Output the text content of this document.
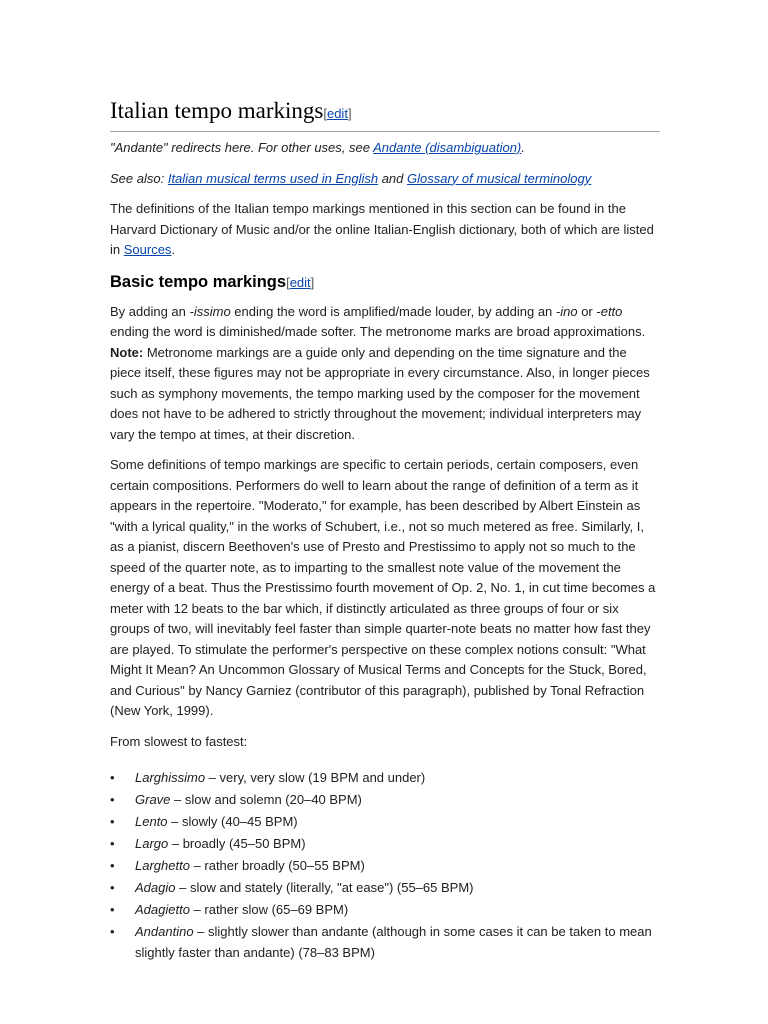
Italian tempo markings[edit]
"Andante" redirects here. For other uses, see Andante (disambiguation).
See also: Italian musical terms used in English and Glossary of musical terminology

The definitions of the Italian tempo markings mentioned in this section can be found in the Harvard Dictionary of Music and/or the online Italian-English dictionary, both of which are listed in Sources.

Basic tempo markings[edit]

By adding an -issimo ending the word is amplified/made louder, by adding an -ino or -etto ending the word is diminished/made softer. The metronome marks are broad approximations. Note: Metronome markings are a guide only and depending on the time signature and the piece itself, these figures may not be appropriate in every circumstance. Also, in longer pieces such as symphony movements, the tempo marking used by the composer for the movement does not have to be adhered to strictly throughout the movement; individual interpreters may vary the tempo at times, at their discretion.

Some definitions of tempo markings are specific to certain periods, certain composers, even certain compositions. Performers do well to learn about the range of definition of a term as it appears in the repertoire. "Moderato," for example, has been described by Albert Einstein as "with a lyrical quality," in the works of Schubert, i.e., not so much metered as free. Similarly, I, as a pianist, discern Beethoven's use of Presto and Prestissimo to apply not so much to the speed of the quarter note, as to imparting to the smallest note value of the movement the energy of a beat. Thus the Prestissimo fourth movement of Op. 2, No. 1, in cut time becomes a meter with 12 beats to the bar which, if distinctly articulated as three groups of four or six groups of two, will inevitably feel faster than simple quarter-note beats no matter how fast they are played. To stimulate the performer's perspective on these complex notions consult: "What Might It Mean? An Uncommon Glossary of Musical Terms and Concepts for the Stuck, Bored, and Curious" by Nancy Garniez (contributor of this paragraph), published by Tonal Refraction (New York, 1999).

From slowest to fastest:

• Larghissimo – very, very slow (19 BPM and under)
• Grave – slow and solemn (20–40 BPM)
• Lento – slowly (40–45 BPM)
• Largo – broadly (45–50 BPM)
• Larghetto – rather broadly (50–55 BPM)
• Adagio – slow and stately (literally, "at ease") (55–65 BPM)
• Adagietto – rather slow (65–69 BPM)
• Andantino – slightly slower than andante (although in some cases it can be taken to mean slightly faster than andante) (78–83 BPM)
